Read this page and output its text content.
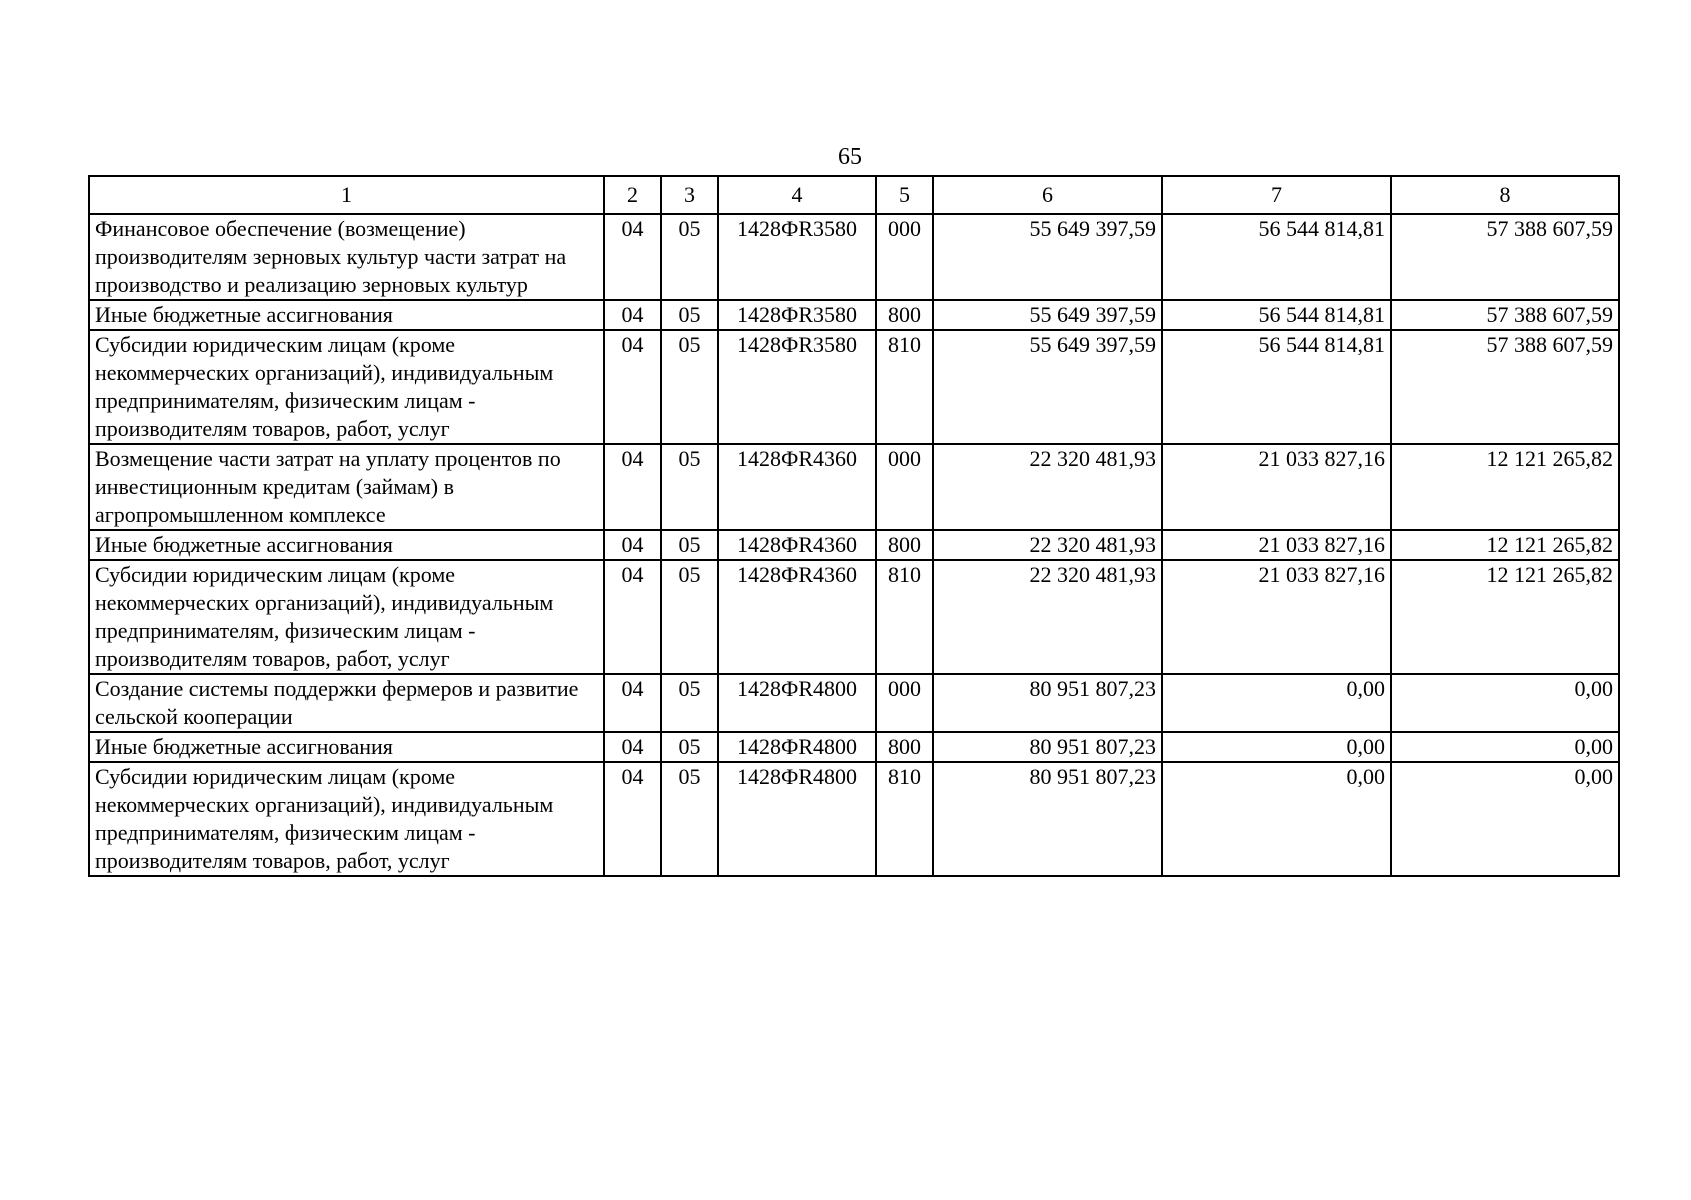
65
1	2	3	4	5	6	7	8
Финансовое обеспечение (возмещение) производителям зерновых культур части затрат на производство и реализацию зерновых культур	04	05	1428ФR3580	000	55 649 397,59	56 544 814,81	57 388 607,59
Иные бюджетные ассигнования	04	05	1428ФR3580	800	55 649 397,59	56 544 814,81	57 388 607,59
Субсидии юридическим лицам (кроме некоммерческих организаций), индивидуальным предпринимателям, физическим лицам - производителям товаров, работ, услуг	04	05	1428ФR3580	810	55 649 397,59	56 544 814,81	57 388 607,59
Возмещение части затрат на уплату процентов по инвестиционным кредитам (займам) в агропромышленном комплексе	04	05	1428ФR4360	000	22 320 481,93	21 033 827,16	12 121 265,82
Иные бюджетные ассигнования	04	05	1428ФR4360	800	22 320 481,93	21 033 827,16	12 121 265,82
Субсидии юридическим лицам (кроме некоммерческих организаций), индивидуальным предпринимателям, физическим лицам - производителям товаров, работ, услуг	04	05	1428ФR4360	810	22 320 481,93	21 033 827,16	12 121 265,82
Создание системы поддержки фермеров и развитие сельской кооперации	04	05	1428ФR4800	000	80 951 807,23	0,00	0,00
Иные бюджетные ассигнования	04	05	1428ФR4800	800	80 951 807,23	0,00	0,00
Субсидии юридическим лицам (кроме некоммерческих организаций), индивидуальным предпринимателям, физическим лицам - производителям товаров, работ, услуг	04	05	1428ФR4800	810	80 951 807,23	0,00	0,00
